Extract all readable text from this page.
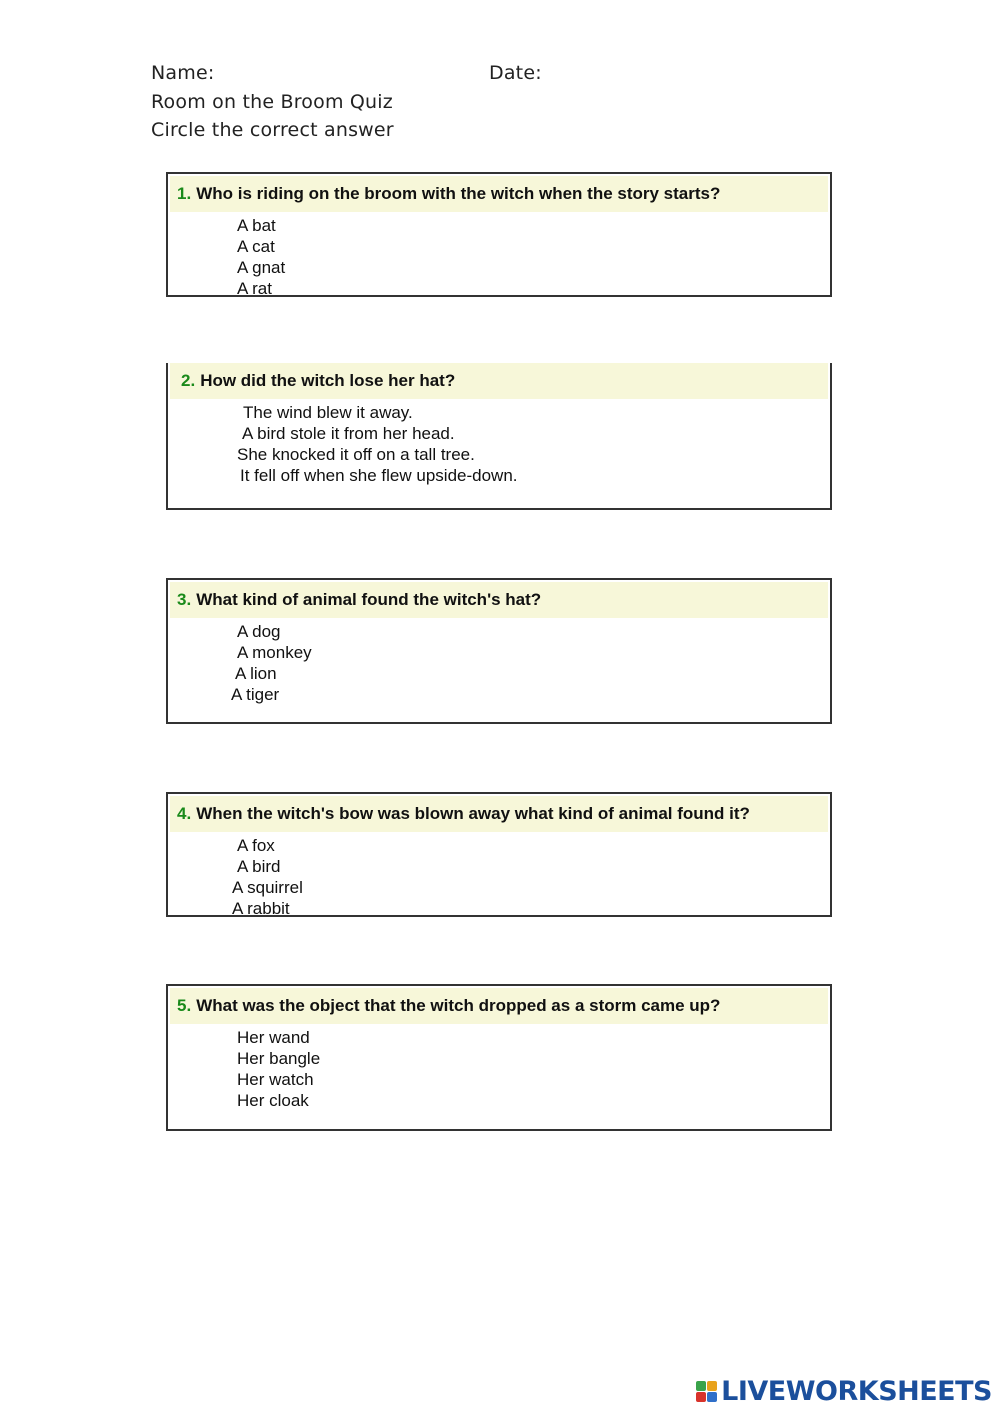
Name:	Date:
Room on the Broom Quiz
Circle the correct answer
1. Who is riding on the broom with the witch when the story starts?
A bat
A cat
A gnat
A rat
2. How did the witch lose her hat?
The wind blew it away.
A bird stole it from her head.
She knocked it off on a tall tree.
It fell off when she flew upside-down.
3. What kind of animal found the witch's hat?
A dog
A monkey
A lion
A tiger
4. When the witch's bow was blown away what kind of animal found it?
A fox
A bird
A squirrel
A rabbit
5. What was the object that the witch dropped as a storm came up?
Her wand
Her bangle
Her watch
Her cloak
LIVEWORKSHEETS
